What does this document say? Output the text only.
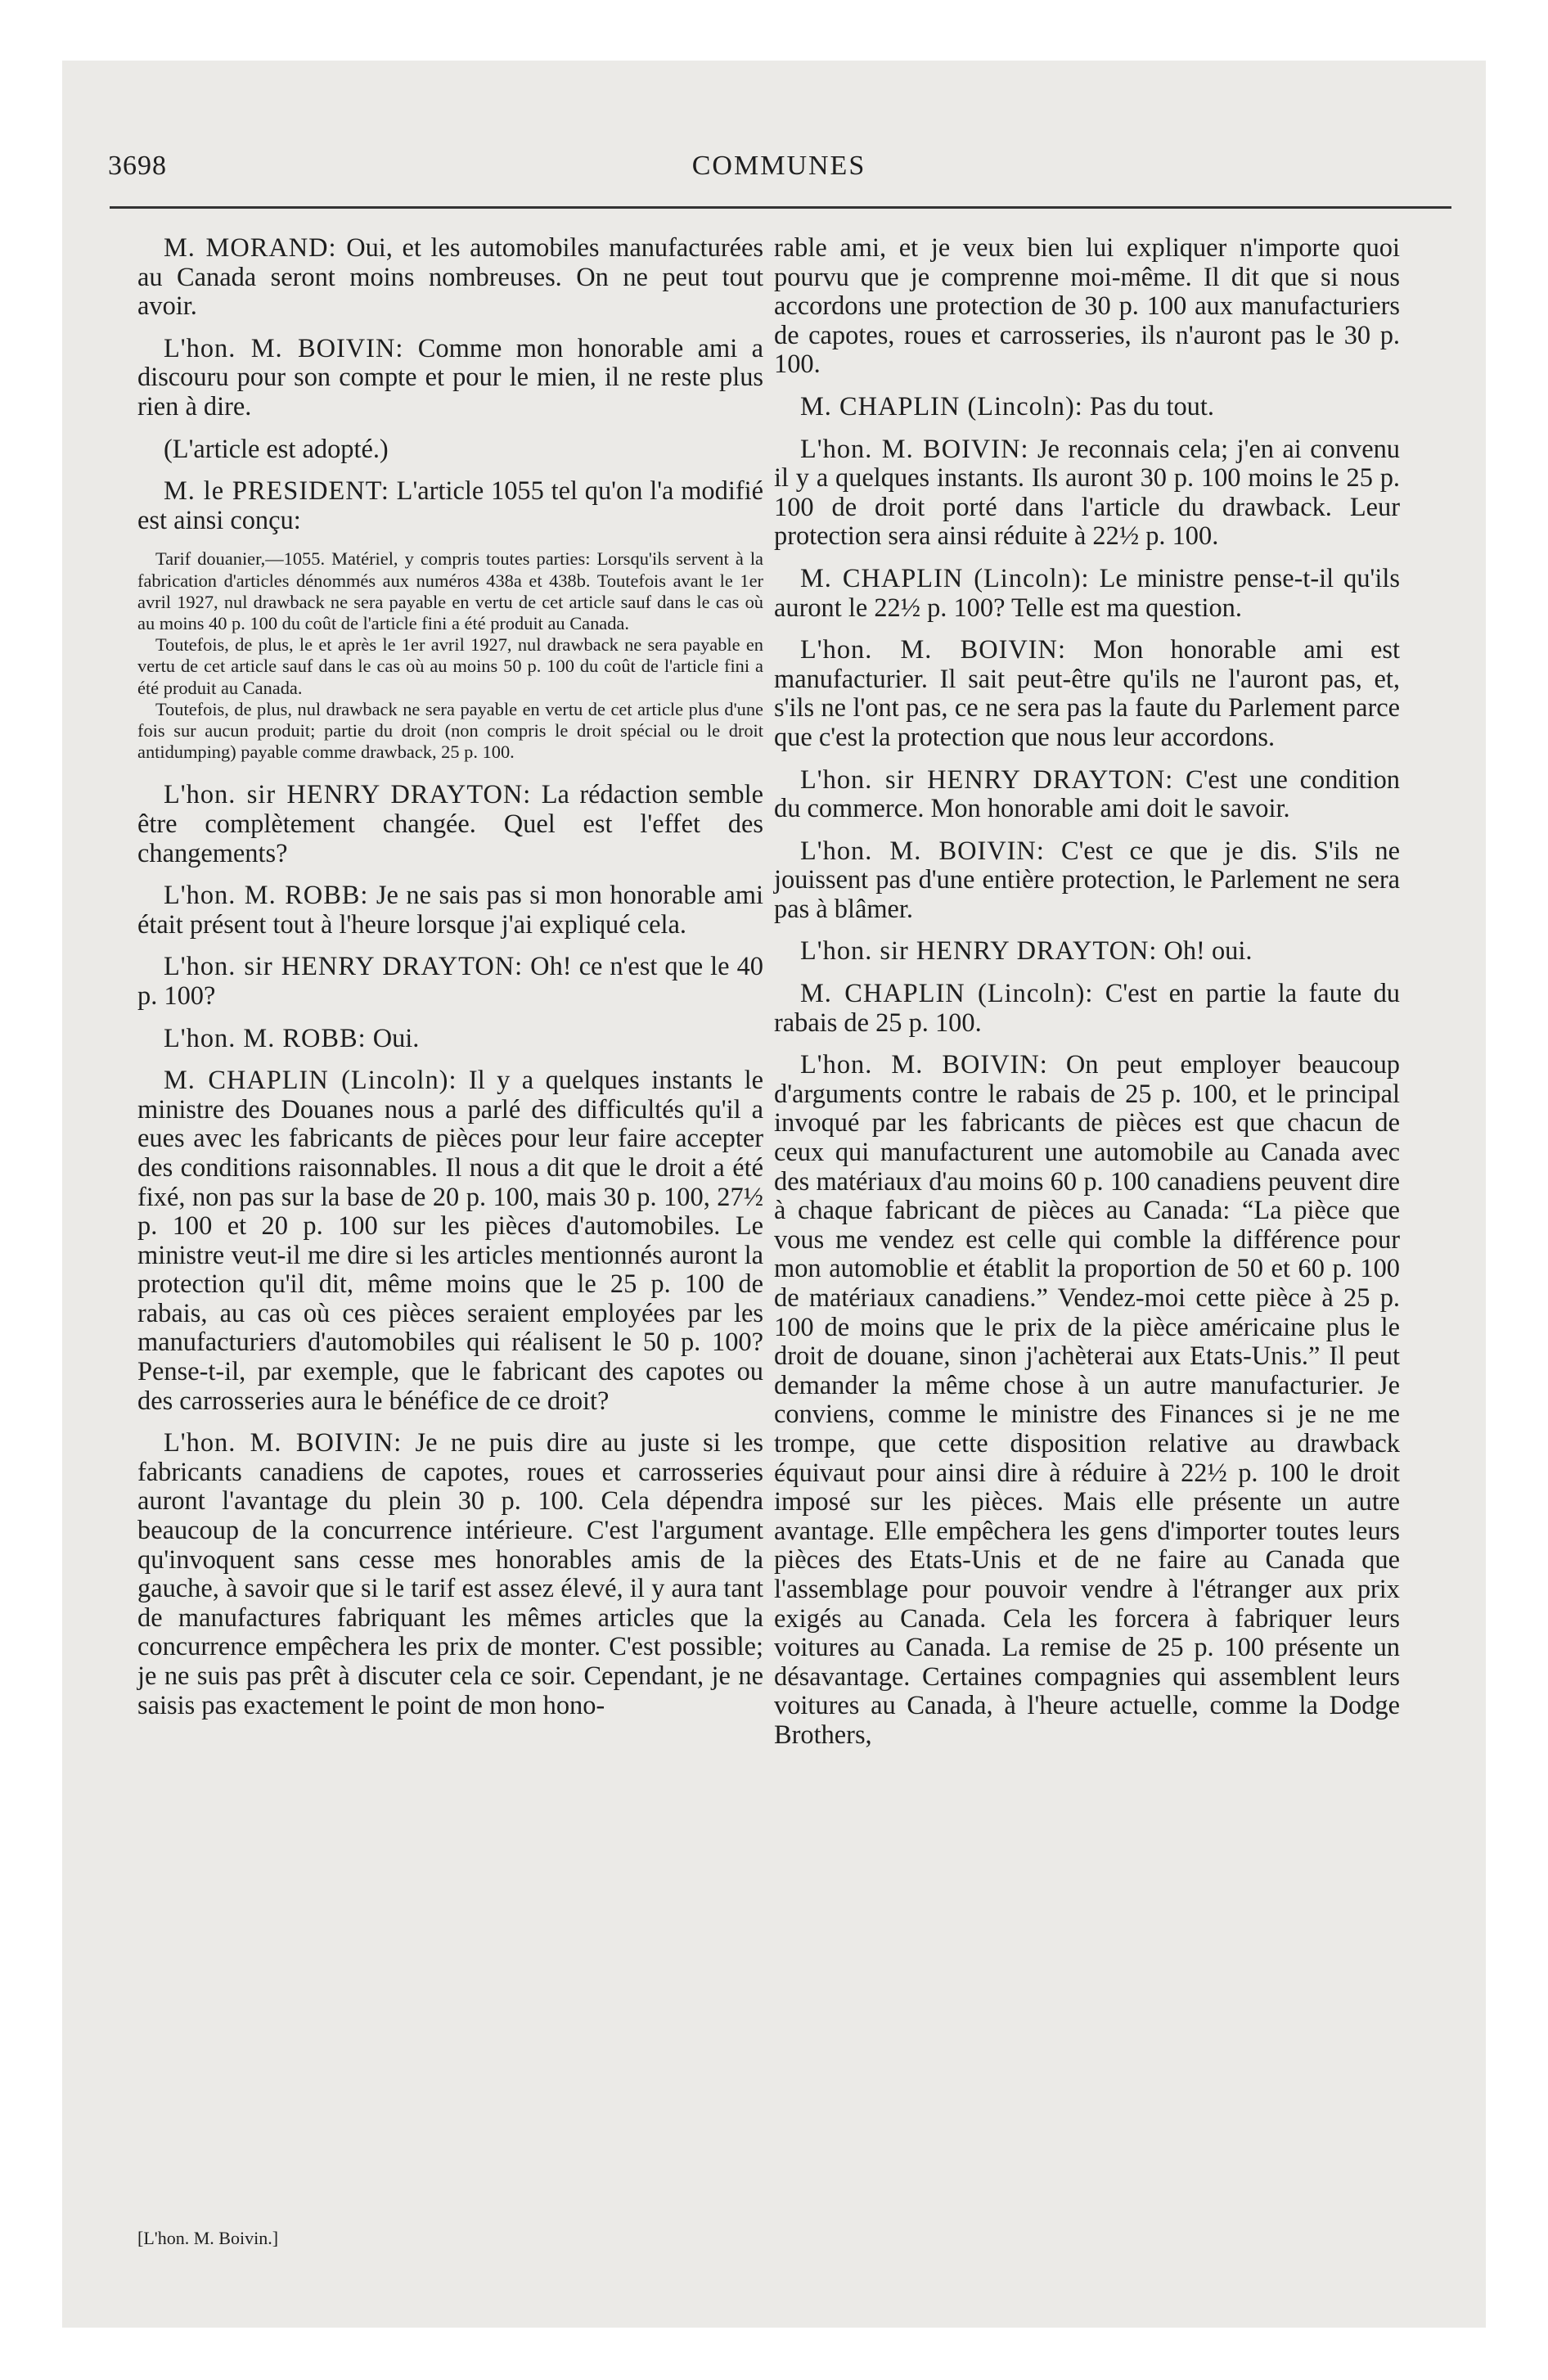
3698	COMMUNES

M. MORAND: Oui, et les automobiles manufacturées au Canada seront moins nombreuses. On ne peut tout avoir.

L'hon. M. BOIVIN: Comme mon honorable ami a discouru pour son compte et pour le mien, il ne reste plus rien à dire.

(L'article est adopté.)

M. le PRESIDENT: L'article 1055 tel qu'on l'a modifié est ainsi conçu:

Tarif douanier,—1055. Matériel, y compris toutes parties: Lorsqu'ils servent à la fabrication d'articles dénommés aux numéros 438a et 438b. Toutefois avant le 1er avril 1927, nul drawback ne sera payable en vertu de cet article sauf dans le cas où au moins 40 p. 100 du coût de l'article fini a été produit au Canada.

Toutefois, de plus, le et après le 1er avril 1927, nul drawback ne sera payable en vertu de cet article sauf dans le cas où au moins 50 p. 100 du coût de l'article fini a été produit au Canada.

Toutefois, de plus, nul drawback ne sera payable en vertu de cet article plus d'une fois sur aucun produit; partie du droit (non compris le droit spécial ou le droit antidumping) payable comme drawback, 25 p. 100.

L'hon. sir HENRY DRAYTON: La rédaction semble être complètement changée. Quel est l'effet des changements?

L'hon. M. ROBB: Je ne sais pas si mon honorable ami était présent tout à l'heure lorsque j'ai expliqué cela.

L'hon. sir HENRY DRAYTON: Oh! ce n'est que le 40 p. 100?

L'hon. M. ROBB: Oui.

M. CHAPLIN (Lincoln): Il y a quelques instants le ministre des Douanes nous a parlé des difficultés qu'il a eues avec les fabricants de pièces pour leur faire accepter des conditions raisonnables. Il nous a dit que le droit a été fixé, non pas sur la base de 20 p. 100, mais 30 p. 100, 27½ p. 100 et 20 p. 100 sur les pièces d'automobiles. Le ministre veut-il me dire si les articles mentionnés auront la protection qu'il dit, même moins que le 25 p. 100 de rabais, au cas où ces pièces seraient employées par les manufacturiers d'automobiles qui réalisent le 50 p. 100? Pense-t-il, par exemple, que le fabricant des capotes ou des carrosseries aura le bénéfice de ce droit?

L'hon. M. BOIVIN: Je ne puis dire au juste si les fabricants canadiens de capotes, roues et carrosseries auront l'avantage du plein 30 p. 100. Cela dépendra beaucoup de la concurrence intérieure. C'est l'argument qu'invoquent sans cesse mes honorables amis de la gauche, à savoir que si le tarif est assez élevé, il y aura tant de manufactures fabriquant les mêmes articles que la concurrence empêchera les prix de monter. C'est possible; je ne suis pas prêt à discuter cela ce soir. Cependant, je ne saisis pas exactement le point de mon hono-

rable ami, et je veux bien lui expliquer n'importe quoi pourvu que je comprenne moi-même. Il dit que si nous accordons une protection de 30 p. 100 aux manufacturiers de capotes, roues et carrosseries, ils n'auront pas le 30 p. 100.

M. CHAPLIN (Lincoln): Pas du tout.

L'hon. M. BOIVIN: Je reconnais cela; j'en ai convenu il y a quelques instants. Ils auront 30 p. 100 moins le 25 p. 100 de droit porté dans l'article du drawback. Leur protection sera ainsi réduite à 22½ p. 100.

M. CHAPLIN (Lincoln): Le ministre pense-t-il qu'ils auront le 22½ p. 100? Telle est ma question.

L'hon. M. BOIVIN: Mon honorable ami est manufacturier. Il sait peut-être qu'ils ne l'auront pas, et, s'ils ne l'ont pas, ce ne sera pas la faute du Parlement parce que c'est la protection que nous leur accordons.

L'hon. sir HENRY DRAYTON: C'est une condition du commerce. Mon honorable ami doit le savoir.

L'hon. M. BOIVIN: C'est ce que je dis. S'ils ne jouissent pas d'une entière protection, le Parlement ne sera pas à blâmer.

L'hon. sir HENRY DRAYTON: Oh! oui.

M. CHAPLIN (Lincoln): C'est en partie la faute du rabais de 25 p. 100.

L'hon. M. BOIVIN: On peut employer beaucoup d'arguments contre le rabais de 25 p. 100, et le principal invoqué par les fabricants de pièces est que chacun de ceux qui manufacturent une automobile au Canada avec des matériaux d'au moins 60 p. 100 canadiens peuvent dire à chaque fabricant de pièces au Canada: “La pièce que vous me vendez est celle qui comble la différence pour mon automoblie et établit la proportion de 50 et 60 p. 100 de matériaux canadiens.” Vendez-moi cette pièce à 25 p. 100 de moins que le prix de la pièce américaine plus le droit de douane, sinon j'achèterai aux Etats-Unis.” Il peut demander la même chose à un autre manufacturier. Je conviens, comme le ministre des Finances si je ne me trompe, que cette disposition relative au drawback équivaut pour ainsi dire à réduire à 22½ p. 100 le droit imposé sur les pièces. Mais elle présente un autre avantage. Elle empêchera les gens d'importer toutes leurs pièces des Etats-Unis et de ne faire au Canada que l'assemblage pour pouvoir vendre à l'étranger aux prix exigés au Canada. Cela les forcera à fabriquer leurs voitures au Canada. La remise de 25 p. 100 présente un désavantage. Certaines compagnies qui assemblent leurs voitures au Canada, à l'heure actuelle, comme la Dodge Brothers,

[L'hon. M. Boivin.]
